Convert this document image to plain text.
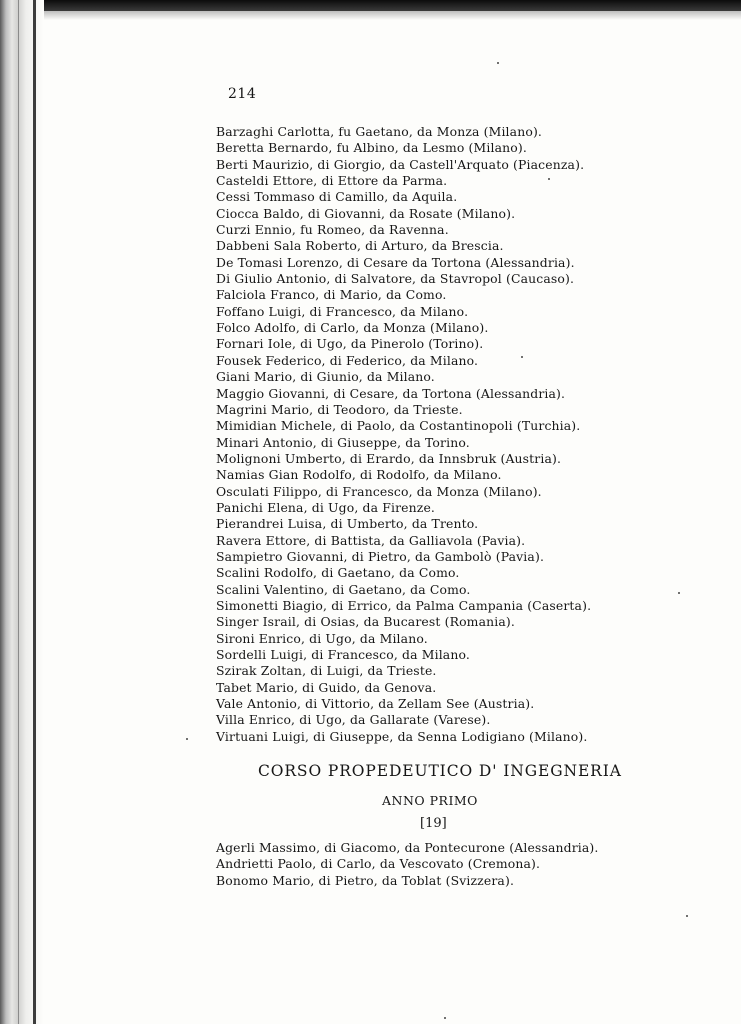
214
Barzaghi Carlotta, fu Gaetano, da Monza (Milano).
Beretta Bernardo, fu Albino, da Lesmo (Milano).
Berti Maurizio, di Giorgio, da Castell'Arquato (Piacenza).
Casteldi Ettore, di Ettore da Parma.
Cessi Tommaso di Camillo, da Aquila.
Ciocca Baldo, di Giovanni, da Rosate (Milano).
Curzi Ennio, fu Romeo, da Ravenna.
Dabbeni Sala Roberto, di Arturo, da Brescia.
De Tomasi Lorenzo, di Cesare da Tortona (Alessandria).
Di Giulio Antonio, di Salvatore, da Stavropol (Caucaso).
Falciola Franco, di Mario, da Como.
Foffano Luigi, di Francesco, da Milano.
Folco Adolfo, di Carlo, da Monza (Milano).
Fornari Iole, di Ugo, da Pinerolo (Torino).
Fousek Federico, di Federico, da Milano.
Giani Mario, di Giunio, da Milano.
Maggio Giovanni, di Cesare, da Tortona (Alessandria).
Magrini Mario, di Teodoro, da Trieste.
Mimidian Michele, di Paolo, da Costantinopoli (Turchia).
Minari Antonio, di Giuseppe, da Torino.
Molignoni Umberto, di Erardo, da Innsbruk (Austria).
Namias Gian Rodolfo, di Rodolfo, da Milano.
Osculati Filippo, di Francesco, da Monza (Milano).
Panichi Elena, di Ugo, da Firenze.
Pierandrei Luisa, di Umberto, da Trento.
Ravera Ettore, di Battista, da Galliavola (Pavia).
Sampietro Giovanni, di Pietro, da Gambolò (Pavia).
Scalini Rodolfo, di Gaetano, da Como.
Scalini Valentino, di Gaetano, da Como.
Simonetti Biagio, di Errico, da Palma Campania (Caserta).
Singer Israil, di Osias, da Bucarest (Romania).
Sironi Enrico, di Ugo, da Milano.
Sordelli Luigi, di Francesco, da Milano.
Szirak Zoltan, di Luigi, da Trieste.
Tabet Mario, di Guido, da Genova.
Vale Antonio, di Vittorio, da Zellam See (Austria).
Villa Enrico, di Ugo, da Gallarate (Varese).
Virtuani Luigi, di Giuseppe, da Senna Lodigiano (Milano).
CORSO PROPEDEUTICO D' INGEGNERIA
ANNO PRIMO
[19]
Agerli Massimo, di Giacomo, da Pontecurone (Alessandria).
Andrietti Paolo, di Carlo, da Vescovato (Cremona).
Bonomo Mario, di Pietro, da Toblat (Svizzera).
